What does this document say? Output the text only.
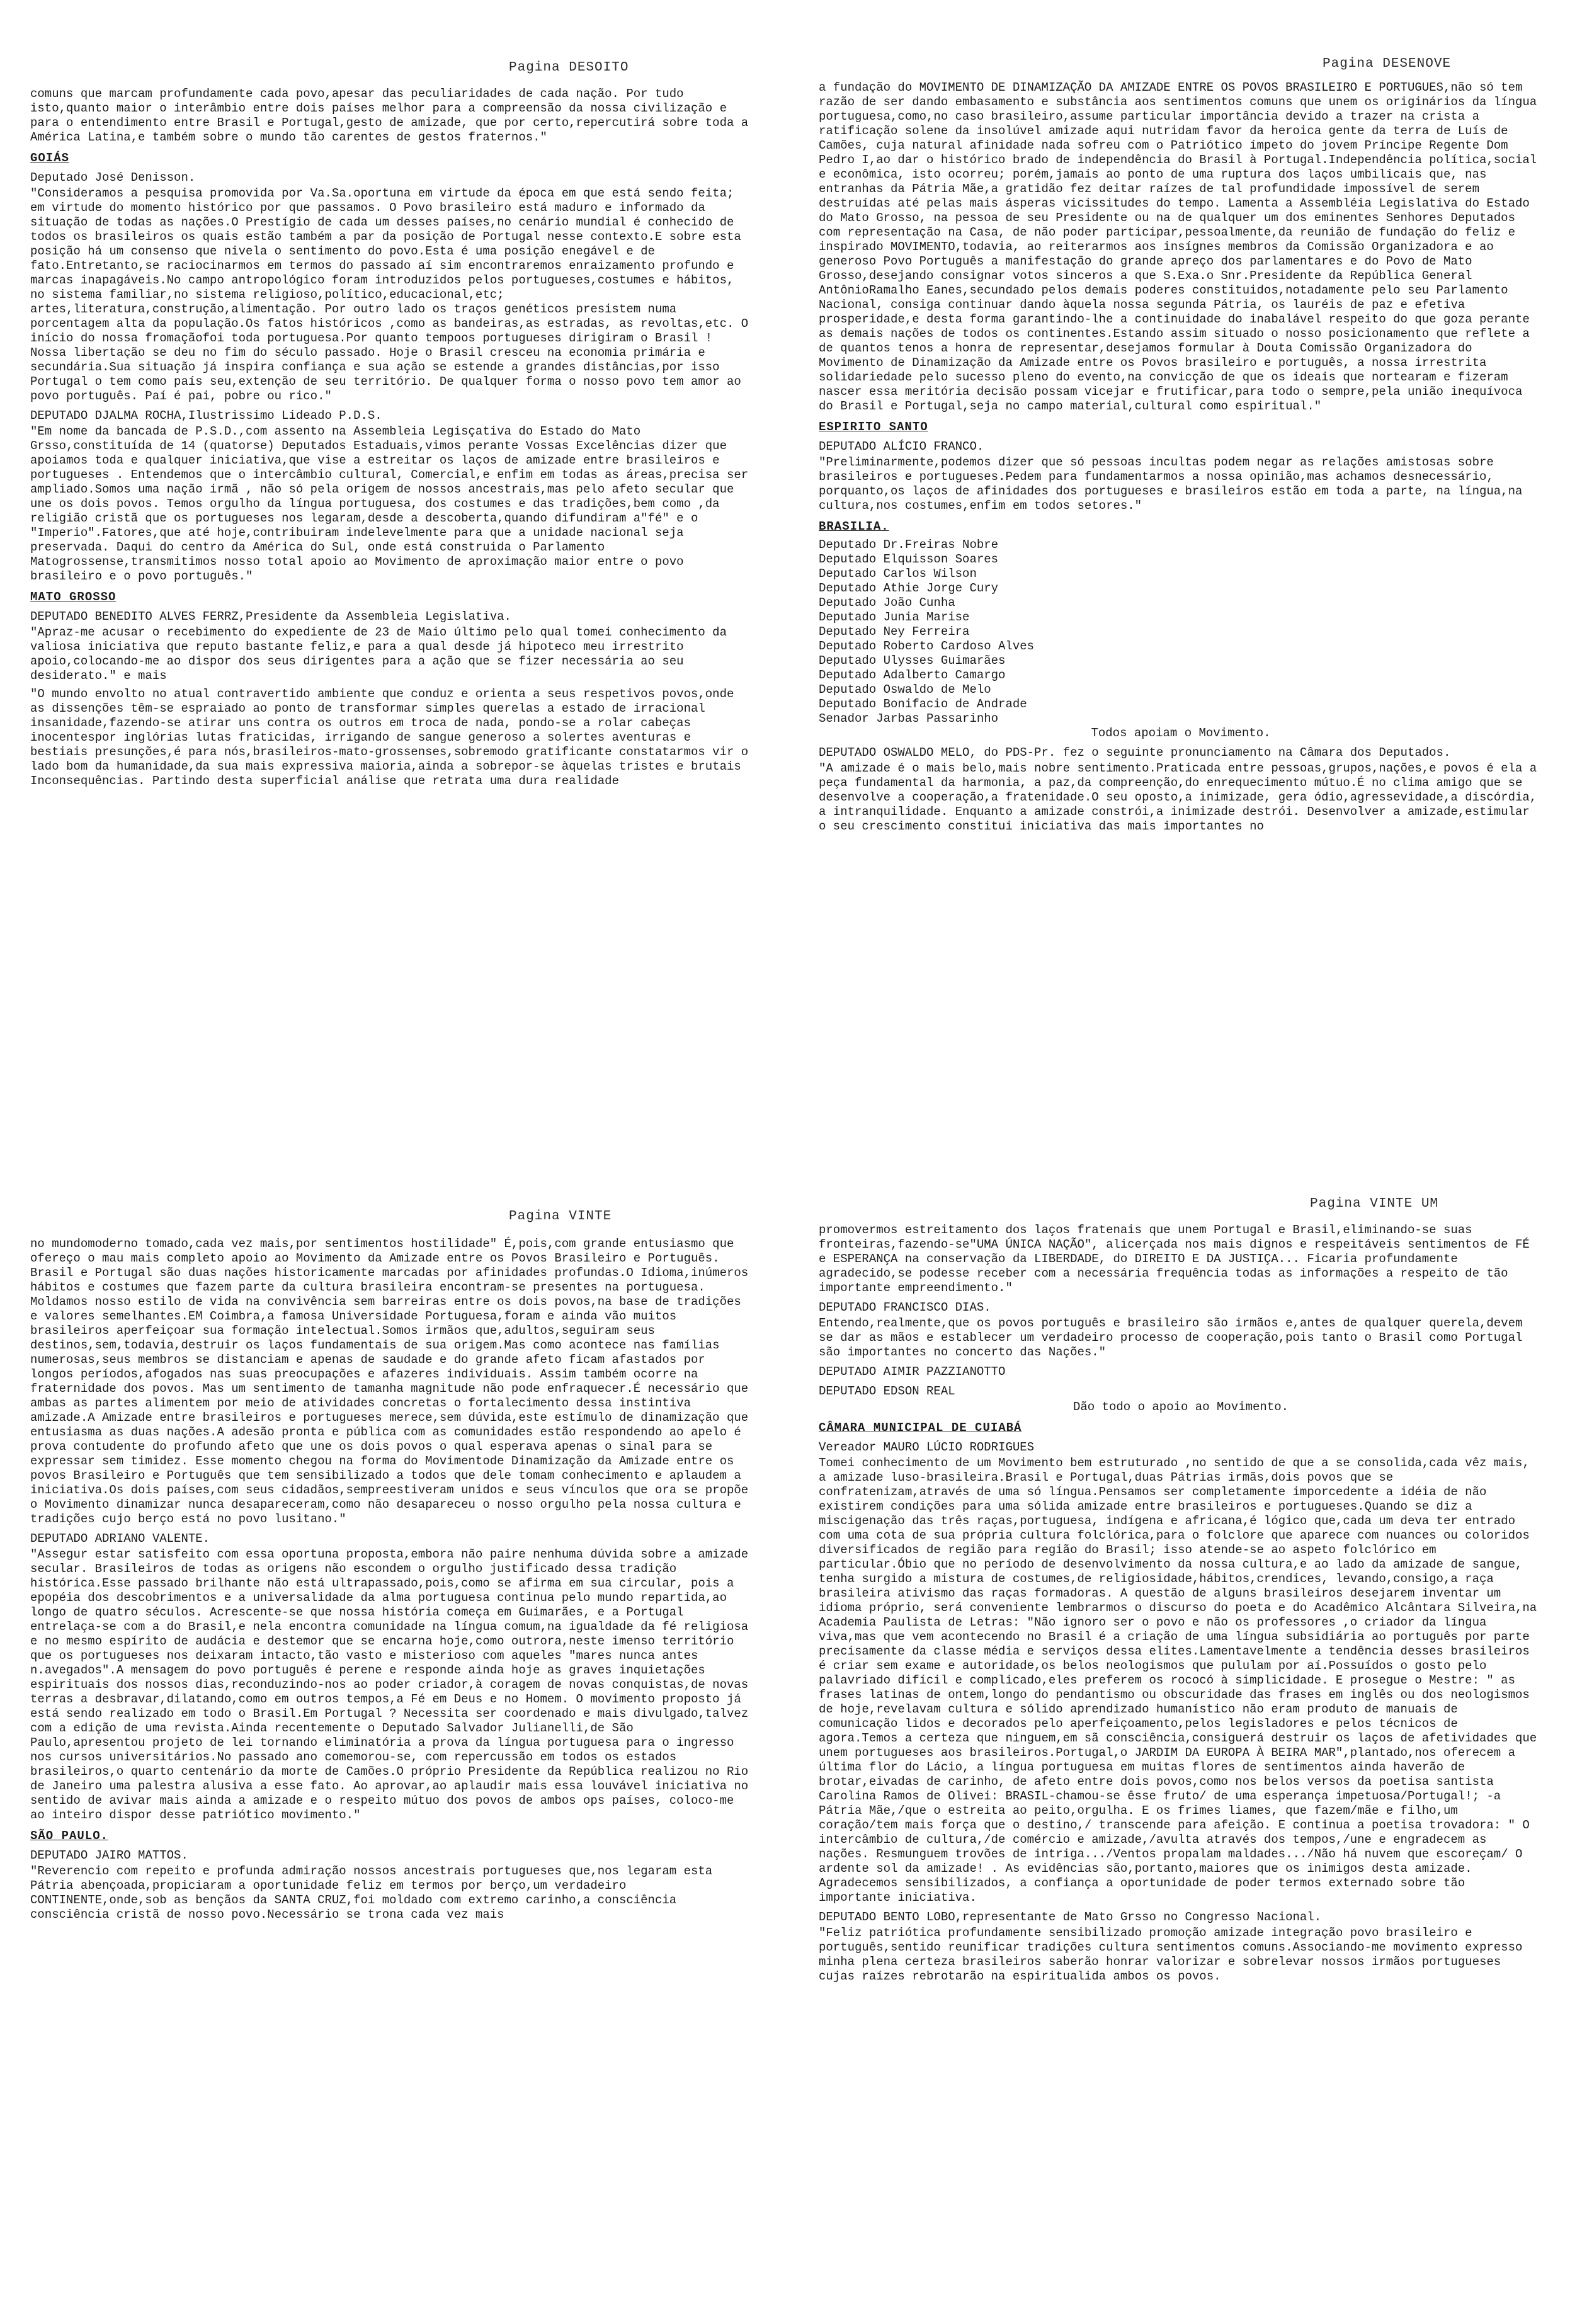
Pagina DESOITO

comuns que marcam profundamente cada povo,apesar das peculiaridades de cada nação. Por tudo isto,quanto maior o interâmbio entre dois países melhor para a compreensão da nossa civilização e para o entendimento entre Brasil e Portugal,gesto de amizade, que por certo,repercutirá sobre toda a América Latina,e também sobre o mundo tão carentes de gestos fraternos."

GOIÁS

Deputado José Denisson.

"Consideramos a pesquisa promovida por Va.Sa.oportuna em virtude da época em que está sendo feita; em virtude do momento histórico por que passamos. O Povo brasileiro está maduro e informado da situação de todas as nações.O Prestígio de cada um desses países,no cenário mundial é conhecido de todos os brasileiros os quais estão também a par da posição de Portugal nesse contexto.E sobre esta posição há um consenso que nivela o sentimento do povo.Esta é uma posição enegável e de fato.Entretanto,se raciocinarmos em termos do passado aí sim encontraremos enraizamento profundo e marcas inapagáveis.No campo antropológico foram introduzidos pelos portugueses,costumes e hábitos, no sistema familiar,no sistema religioso,político,educacional,etc; artes,literatura,construção,alimentação. Por outro lado os traços genéticos presistem numa porcentagem alta da população.Os fatos históricos ,como as bandeiras,as estradas, as revoltas,etc. O início do nossa fromaçãofoi toda portuguesa.Por quanto tempoos portugueses dirigiram o Brasil ! Nossa libertação se deu no fim do século passado. Hoje o Brasil cresceu na economia primária e secundária.Sua situação já inspira confiança e sua ação se estende a grandes distâncias,por isso Portugal o tem como país seu,extenção de seu território. De qualquer forma o nosso povo tem amor ao povo português. Paí é pai, pobre ou rico."

DEPUTADO DJALMA ROCHA,Ilustrissimo Lideado P.D.S.

"Em nome da bancada de P.S.D.,com assento na Assembleia Legisçativa do Estado do Mato Grsso,constituída de 14 (quatorse) Deputados Estaduais,vimos perante Vossas Excelências dizer que apoiamos toda e qualquer iniciativa,que vise a estreitar os laços de amizade entre brasileiros e portugueses . Entendemos que o intercâmbio cultural, Comercial,e enfim em todas as áreas,precisa ser ampliado.Somos uma nação irmã , não só pela origem de nossos ancestrais,mas pelo afeto secular que une os dois povos. Temos orgulho da língua portuguesa, dos costumes e das tradições,bem como ,da religião cristã que os portugueses nos legaram,desde a descoberta,quando difundiram a"fé" e o "Imperio".Fatores,que até hoje,contribuiram indelevelmente para que a unidade nacional seja preservada. Daqui do centro da América do Sul, onde está construida o Parlamento Matogrossense,transmitimos nosso total apoio ao Movimento de aproximação maior entre o povo brasileiro e o povo português."

MATO GROSSO

DEPUTADO BENEDITO ALVES FERRZ,Presidente da Assembleia Legislativa.

"Apraz-me acusar o recebimento do expediente de 23 de Maio último pelo qual tomei conhecimento da valiosa iniciativa que reputo bastante feliz,e para a qual desde já hipoteco meu irrestrito apoio,colocando-me ao dispor dos seus dirigentes para a ação que se fizer necessária ao seu desiderato." e mais

"O mundo envolto no atual contravertido ambiente que conduz e orienta a seus respetivos povos,onde as dissenções têm-se espraiado ao ponto de transformar simples querelas a estado de irracional insanidade,fazendo-se atirar uns contra os outros em troca de nada, pondo-se a rolar cabeças inocentespor inglórias lutas fraticidas, irrigando de sangue generoso a solertes aventuras e bestiais presunções,é para nós,brasileiros-mato-grossenses,sobremodo gratificante constatarmos vir o lado bom da humanidade,da sua mais expressiva maioria,ainda a sobrepor-se àquelas tristes e brutais Inconsequências. Partindo desta superficial análise que retrata uma dura realidade

Pagina DESENOVE

a fundação do MOVIMENTO DE DINAMIZAÇÃO DA AMIZADE ENTRE OS POVOS BRASILEIRO E PORTUGUES,não só tem razão de ser dando embasamento e substância aos sentimentos comuns que unem os originários da língua portuguesa,como,no caso brasileiro,assume particular importância devido a trazer na crista a ratificação solene da insolúvel amizade aqui nutridam favor da heroica gente da terra de Luís de Camões, cuja natural afinidade nada sofreu com o Patriótico ímpeto do jovem Príncipe Regente Dom Pedro I,ao dar o histórico brado de independência do Brasil à Portugal.Independência política,social e econômica, isto ocorreu; porém,jamais ao ponto de uma ruptura dos laços umbilicais que, nas entranhas da Pátria Mãe,a gratidão fez deitar raízes de tal profundidade impossível de serem destruídas até pelas mais ásperas vicissitudes do tempo. Lamenta a Assembléia Legislativa do Estado do Mato Grosso, na pessoa de seu Presidente ou na de qualquer um dos eminentes Senhores Deputados com representação na Casa, de não poder participar,pessoalmente,da reunião de fundação do feliz e inspirado MOVIMENTO,todavia, ao reiterarmos aos insígnes membros da Comissão Organizadora e ao generoso Povo Português a manifestação do grande apreço dos parlamentares e do Povo de Mato Grosso,desejando consignar votos sinceros a que S.Exa.o Snr.Presidente da República General AntônioRamalho Eanes,secundado pelos demais poderes constituidos,notadamente pelo seu Parlamento Nacional, consiga continuar dando àquela nossa segunda Pátria, os lauréis de paz e efetiva prosperidade,e desta forma garantindo-lhe a continuidade do inabalável respeito do que goza perante as demais nações de todos os continentes.Estando assim situado o nosso posicionamento que reflete a de quantos tenos a honra de representar,desejamos formular à Douta Comissão Organizadora do Movimento de Dinamização da Amizade entre os Povos brasileiro e português, a nossa irrestrita solidariedade pelo sucesso pleno do evento,na convicção de que os ideais que nortearam e fizeram nascer essa meritória decisão possam vicejar e frutificar,para todo o sempre,pela união inequívoca do Brasil e Portugal,seja no campo material,cultural como espiritual."

ESPIRITO SANTO

DEPUTADO ALÍCIO FRANCO.

"Preliminarmente,podemos dizer que só pessoas incultas podem negar as relações amistosas sobre brasileiros e portugueses.Pedem para fundamentarmos a nossa opinião,mas achamos desnecessário, porquanto,os laços de afinidades dos portugueses e brasileiros estão em toda a parte, na língua,na cultura,nos costumes,enfim em todos setores."

BRASILIA.

Deputado Dr.Freiras Nobre
Deputado Elquisson Soares
Deputado Carlos Wilson
Deputado Athie Jorge Cury
Deputado João Cunha
Deputado Junia Marise
Deputado Ney Ferreira
Deputado Roberto Cardoso Alves
Deputado Ulysses Guimarães
Deputado Adalberto Camargo
Deputado Oswaldo de Melo
Deputado Bonifacio de Andrade
Senador Jarbas Passarinho

Todos apoiam o Movimento.

DEPUTADO OSWALDO MELO, do PDS-Pr. fez o seguinte pronunciamento na Câmara dos Deputados.

"A amizade é o mais belo,mais nobre sentimento.Praticada entre pessoas,grupos,nações,e povos é ela a peça fundamental da harmonia, a paz,da compreenção,do enrequecimento mútuo.É no clima amigo que se desenvolve a cooperação,a fratenidade.O seu oposto,a inimizade, gera ódio,agressevidade,a discórdia, a intranquilidade. Enquanto a amizade constrói,a inimizade destrói. Desenvolver a amizade,estimular o seu crescimento constitui iniciativa das mais importantes no

Pagina VINTE

no mundomoderno tomado,cada vez mais,por sentimentos hostilidade" É,pois,com grande entusiasmo que ofereço o mau mais completo apoio ao Movimento da Amizade entre os Povos Brasileiro e Português. Brasil e Portugal são duas nações historicamente marcadas por afinidades profundas.O Idioma,inúmeros hábitos e costumes que fazem parte da cultura brasileira encontram-se presentes na portuguesa. Moldamos nosso estilo de vida na convivência sem barreiras entre os dois povos,na base de tradições e valores semelhantes.EM Coimbra,a famosa Universidade Portuguesa,foram e ainda vão muitos brasileiros aperfeiçoar sua formação intelectual.Somos irmãos que,adultos,seguiram seus destinos,sem,todavia,destruir os laços fundamentais de sua origem.Mas como acontece nas famílias numerosas,seus membros se distanciam e apenas de saudade e do grande afeto ficam afastados por longos períodos,afogados nas suas preocupações e afazeres individuais. Assim também ocorre na fraternidade dos povos. Mas um sentimento de tamanha magnitude não pode enfraquecer.É necessário que ambas as partes alimentem por meio de atividades concretas o fortalecimento dessa instintiva amizade.A Amizade entre brasileiros e portugueses merece,sem dúvida,este estímulo de dinamização que entusiasma as duas nações.A adesão pronta e pública com as comunidades estão respondendo ao apelo é prova contudente do profundo afeto que une os dois povos o qual esperava apenas o sinal para se expressar sem timidez. Esse momento chegou na forma do Movimentode Dinamização da Amizade entre os povos Brasileiro e Português que tem sensibilizado a todos que dele tomam conhecimento e aplaudem a iniciativa.Os dois países,com seus cidadãos,sempreestiveram unidos e seus vínculos que ora se propõe o Movimento dinamizar nunca desapareceram,como não desapareceu o nosso orgulho pela nossa cultura e tradições cujo berço está no povo lusitano."

DEPUTADO ADRIANO VALENTE.

"Assegur estar satisfeito com essa oportuna proposta,embora não paire nenhuma dúvida sobre a amizade secular. Brasileiros de todas as origens não escondem o orgulho justificado dessa tradição histórica.Esse passado brilhante não está ultrapassado,pois,como se afirma em sua circular, pois a epopéia dos descobrimentos e a universalidade da alma portuguesa continua pelo mundo repartida,ao longo de quatro séculos. Acrescente-se que nossa história começa em Guimarães, e a Portugal entrelaça-se com a do Brasil,e nela encontra comunidade na língua comum,na igualdade da fé religiosa e no mesmo espírito de audácia e destemor que se encarna hoje,como outrora,neste imenso território que os portugueses nos deixaram intacto,tão vasto e misterioso com aqueles "mares nunca antes n.avegados".A mensagem do povo português é perene e responde ainda hoje as graves inquietações espirituais dos nossos dias,reconduzindo-nos ao poder criador,à coragem de novas conquistas,de novas terras a desbravar,dilatando,como em outros tempos,a Fé em Deus e no Homem. O movimento proposto já está sendo realizado em todo o Brasil.Em Portugal ? Necessita ser coordenado e mais divulgado,talvez com a edição de uma revista.Ainda recentemente o Deputado Salvador Julianelli,de São Paulo,apresentou projeto de lei tornando eliminatória a prova da língua portuguesa para o ingresso nos cursos universitários.No passado ano comemorou-se, com repercussão em todos os estados brasileiros,o quarto centenário da morte de Camões.O próprio Presidente da República realizou no Rio de Janeiro uma palestra alusiva a esse fato. Ao aprovar,ao aplaudir mais essa louvável iniciativa no sentido de avivar mais ainda a amizade e o respeito mútuo dos povos de ambos ops países, coloco-me ao inteiro dispor desse patriótico movimento."

SÃO PAULO.

DEPUTADO JAIRO MATTOS.

"Reverencio com repeito e profunda admiração nossos ancestrais portugueses que,nos legaram esta Pátria abençoada,propiciaram a oportunidade feliz em termos por berço,um verdadeiro CONTINENTE,onde,sob as bençãos da SANTA CRUZ,foi moldado com extremo carinho,a consciência consciência cristã de nosso povo.Necessário se trona cada vez mais

Pagina VINTE UM

promovermos estreitamento dos laços fratenais que unem Portugal e Brasil,eliminando-se suas fronteiras,fazendo-se"UMA ÚNICA NAÇÃO", alicerçada nos mais dignos e respeitáveis sentimentos de FÉ e ESPERANÇA na conservação da LIBERDADE, do DIREITO E DA JUSTIÇA... Ficaria profundamente agradecido,se podesse receber com a necessária frequência todas as informações a respeito de tão importante empreendimento."

DEPUTADO FRANCISCO DIAS.

Entendo,realmente,que os povos português e brasileiro são irmãos e,antes de qualquer querela,devem se dar as mãos e establecer um verdadeiro processo de cooperação,pois tanto o Brasil como Portugal são importantes no concerto das Nações."

DEPUTADO AIMIR PAZZIANOTTO

DEPUTADO EDSON REAL

Dão todo o apoio ao Movimento.

CÂMARA MUNICIPAL DE CUIABÁ

Vereador MAURO LÚCIO RODRIGUES

Tomei conhecimento de um Movimento bem estruturado ,no sentido de que a se consolida,cada vêz mais, a amizade luso-brasileira.Brasil e Portugal,duas Pátrias irmãs,dois povos que se confratenizam,através de uma só língua.Pensamos ser completamente imporcedente a idéia de não existirem condições para uma sólida amizade entre brasileiros e portugueses.Quando se diz a miscigenação das três raças,portuguesa, indígena e africana,é lógico que,cada um deva ter entrado com uma cota de sua própria cultura folclórica,para o folclore que aparece com nuances ou coloridos diversificados de região para região do Brasil; isso atende-se ao aspeto folclórico em particular.Óbio que no período de desenvolvimento da nossa cultura,e ao lado da amizade de sangue, tenha surgido a mistura de costumes,de religiosidade,hábitos,crendices, levando,consigo,a raça brasileira ativismo das raças formadoras. A questão de alguns brasileiros desejarem inventar um idioma próprio, será conveniente lembrarmos o discurso do poeta e do Acadêmico Alcântara Silveira,na Academia Paulista de Letras: "Não ignoro ser o povo e não os professores ,o criador da língua viva,mas que vem acontecendo no Brasil é a criação de uma língua subsidiária ao português por parte precisamente da classe média e serviços dessa elites.Lamentavelmente a tendência desses brasileiros é criar sem exame e autoridade,os belos neologismos que pululam por aí.Possuídos o gosto pelo palavriado difícil e complicado,eles preferem os rococó à simplicidade. E prosegue o Mestre: " as frases latinas de ontem,longo do pendantismo ou obscuridade das frases em inglês ou dos neologismos de hoje,revelavam cultura e sólido aprendizado humanístico não eram produto de manuais de comunicação lidos e decorados pelo aperfeiçoamento,pelos legisladores e pelos técnicos de agora.Temos a certeza que ninguem,em sã consciência,consiguerá destruir os laços de afetividades que unem portugueses aos brasileiros.Portugal,o JARDIM DA EUROPA À BEIRA MAR",plantado,nos oferecem a última flor do Lácio, a língua portuguesa em muitas flores de sentimentos ainda haverão de brotar,eivadas de carinho, de afeto entre dois povos,como nos belos versos da poetisa santista Carolina Ramos de Olivei: BRASIL-chamou-se êsse fruto/ de uma esperança impetuosa/Portugal!; -a Pátria Mãe,/que o estreita ao peito,orgulha. E os frimes liames, que fazem/mãe e filho,um coração/tem mais força que o destino,/ transcende para afeição. E continua a poetisa trovadora: " O intercâmbio de cultura,/de comércio e amizade,/avulta através dos tempos,/une e engradecem as nações. Resmunguem trovões de intriga.../Ventos propalam maldades.../Não há nuvem que escoreçam/ O ardente sol da amizade! . As evidências são,portanto,maiores que os inimigos desta amizade. Agradecemos sensibilizados, a confiança a oportunidade de poder termos externado sobre tão importante iniciativa.

DEPUTADO BENTO LOBO,representante de Mato Grsso no Congresso Nacional.

"Feliz patriótica profundamente sensibilizado promoção amizade integração povo brasileiro e português,sentido reunificar tradições cultura sentimentos comuns.Associando-me movimento expresso minha plena certeza brasileiros saberão honrar valorizar e sobrelevar nossos irmãos portugueses cujas raízes rebrotarão na espiritualida ambos os povos.
